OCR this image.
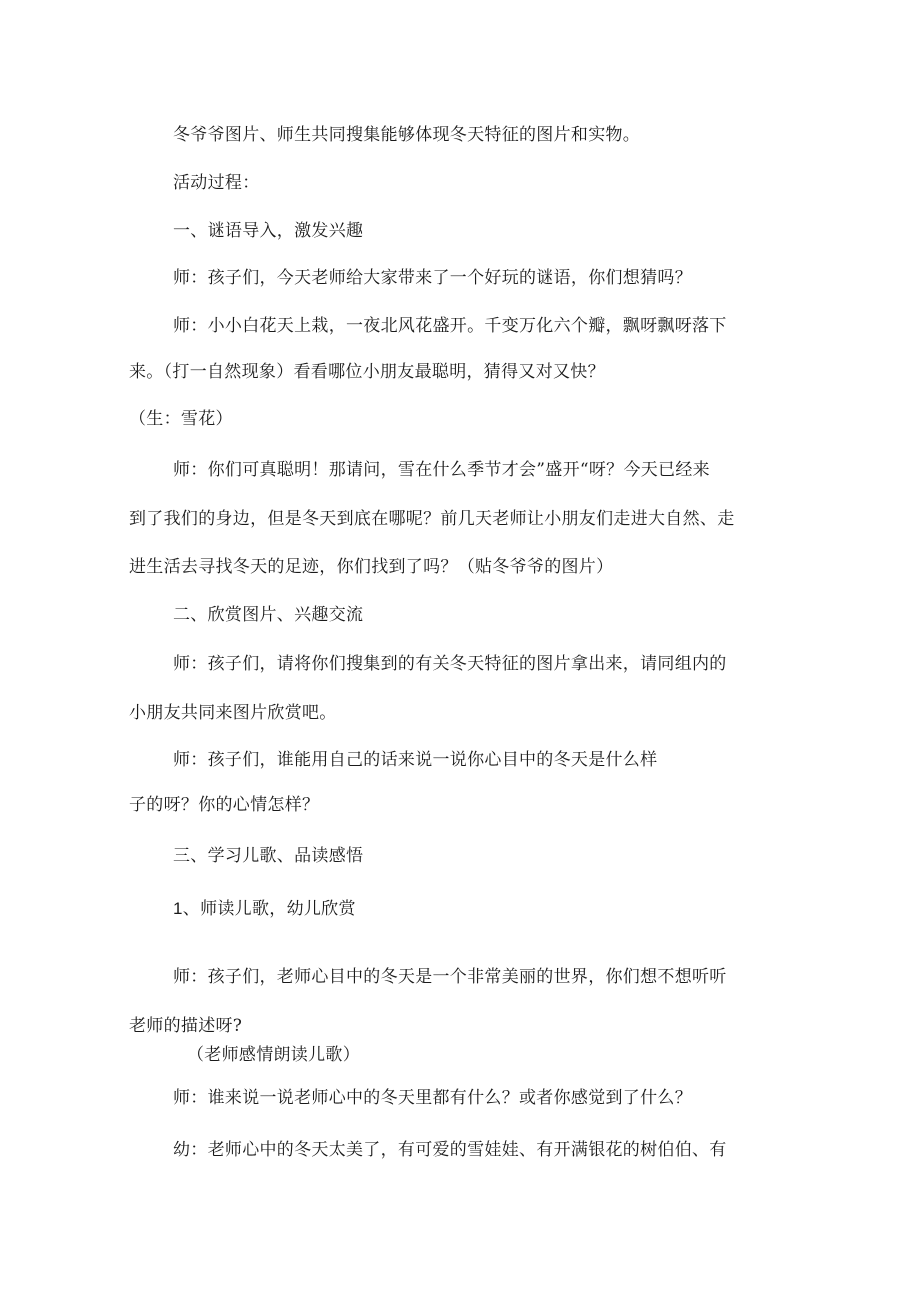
冬爷爷图片、师生共同搜集能够体现冬天特征的图片和实物。
活动过程：
一、谜语导入，激发兴趣
师：孩子们，今天老师给大家带来了一个好玩的谜语，你们想猜吗？
师：小小白花天上栽，一夜北风花盛开。千变万化六个瓣，飘呀飘呀落下
来。（打一自然现象）看看哪位小朋友最聪明，猜得又对又快？
（生：雪花）
师：你们可真聪明！那请问，雪在什么季节才会”盛开“呀？今天已经来
到了我们的身边，但是冬天到底在哪呢？前几天老师让小朋友们走进大自然、走
进生活去寻找冬天的足迹，你们找到了吗？（贴冬爷爷的图片）
二、欣赏图片、兴趣交流
师：孩子们，请将你们搜集到的有关冬天特征的图片拿出来，请同组内的
小朋友共同来图片欣赏吧。
师：孩子们，谁能用自己的话来说一说你心目中的冬天是什么样
子的呀？你的心情怎样？
三、学习儿歌、品读感悟
1、师读儿歌，幼儿欣赏
师：孩子们，老师心目中的冬天是一个非常美丽的世界，你们想不想听听
老师的描述呀?
（老师感情朗读儿歌）
师：谁来说一说老师心中的冬天里都有什么？或者你感觉到了什么？
幼：老师心中的冬天太美了，有可爱的雪娃娃、有开满银花的树伯伯、有
